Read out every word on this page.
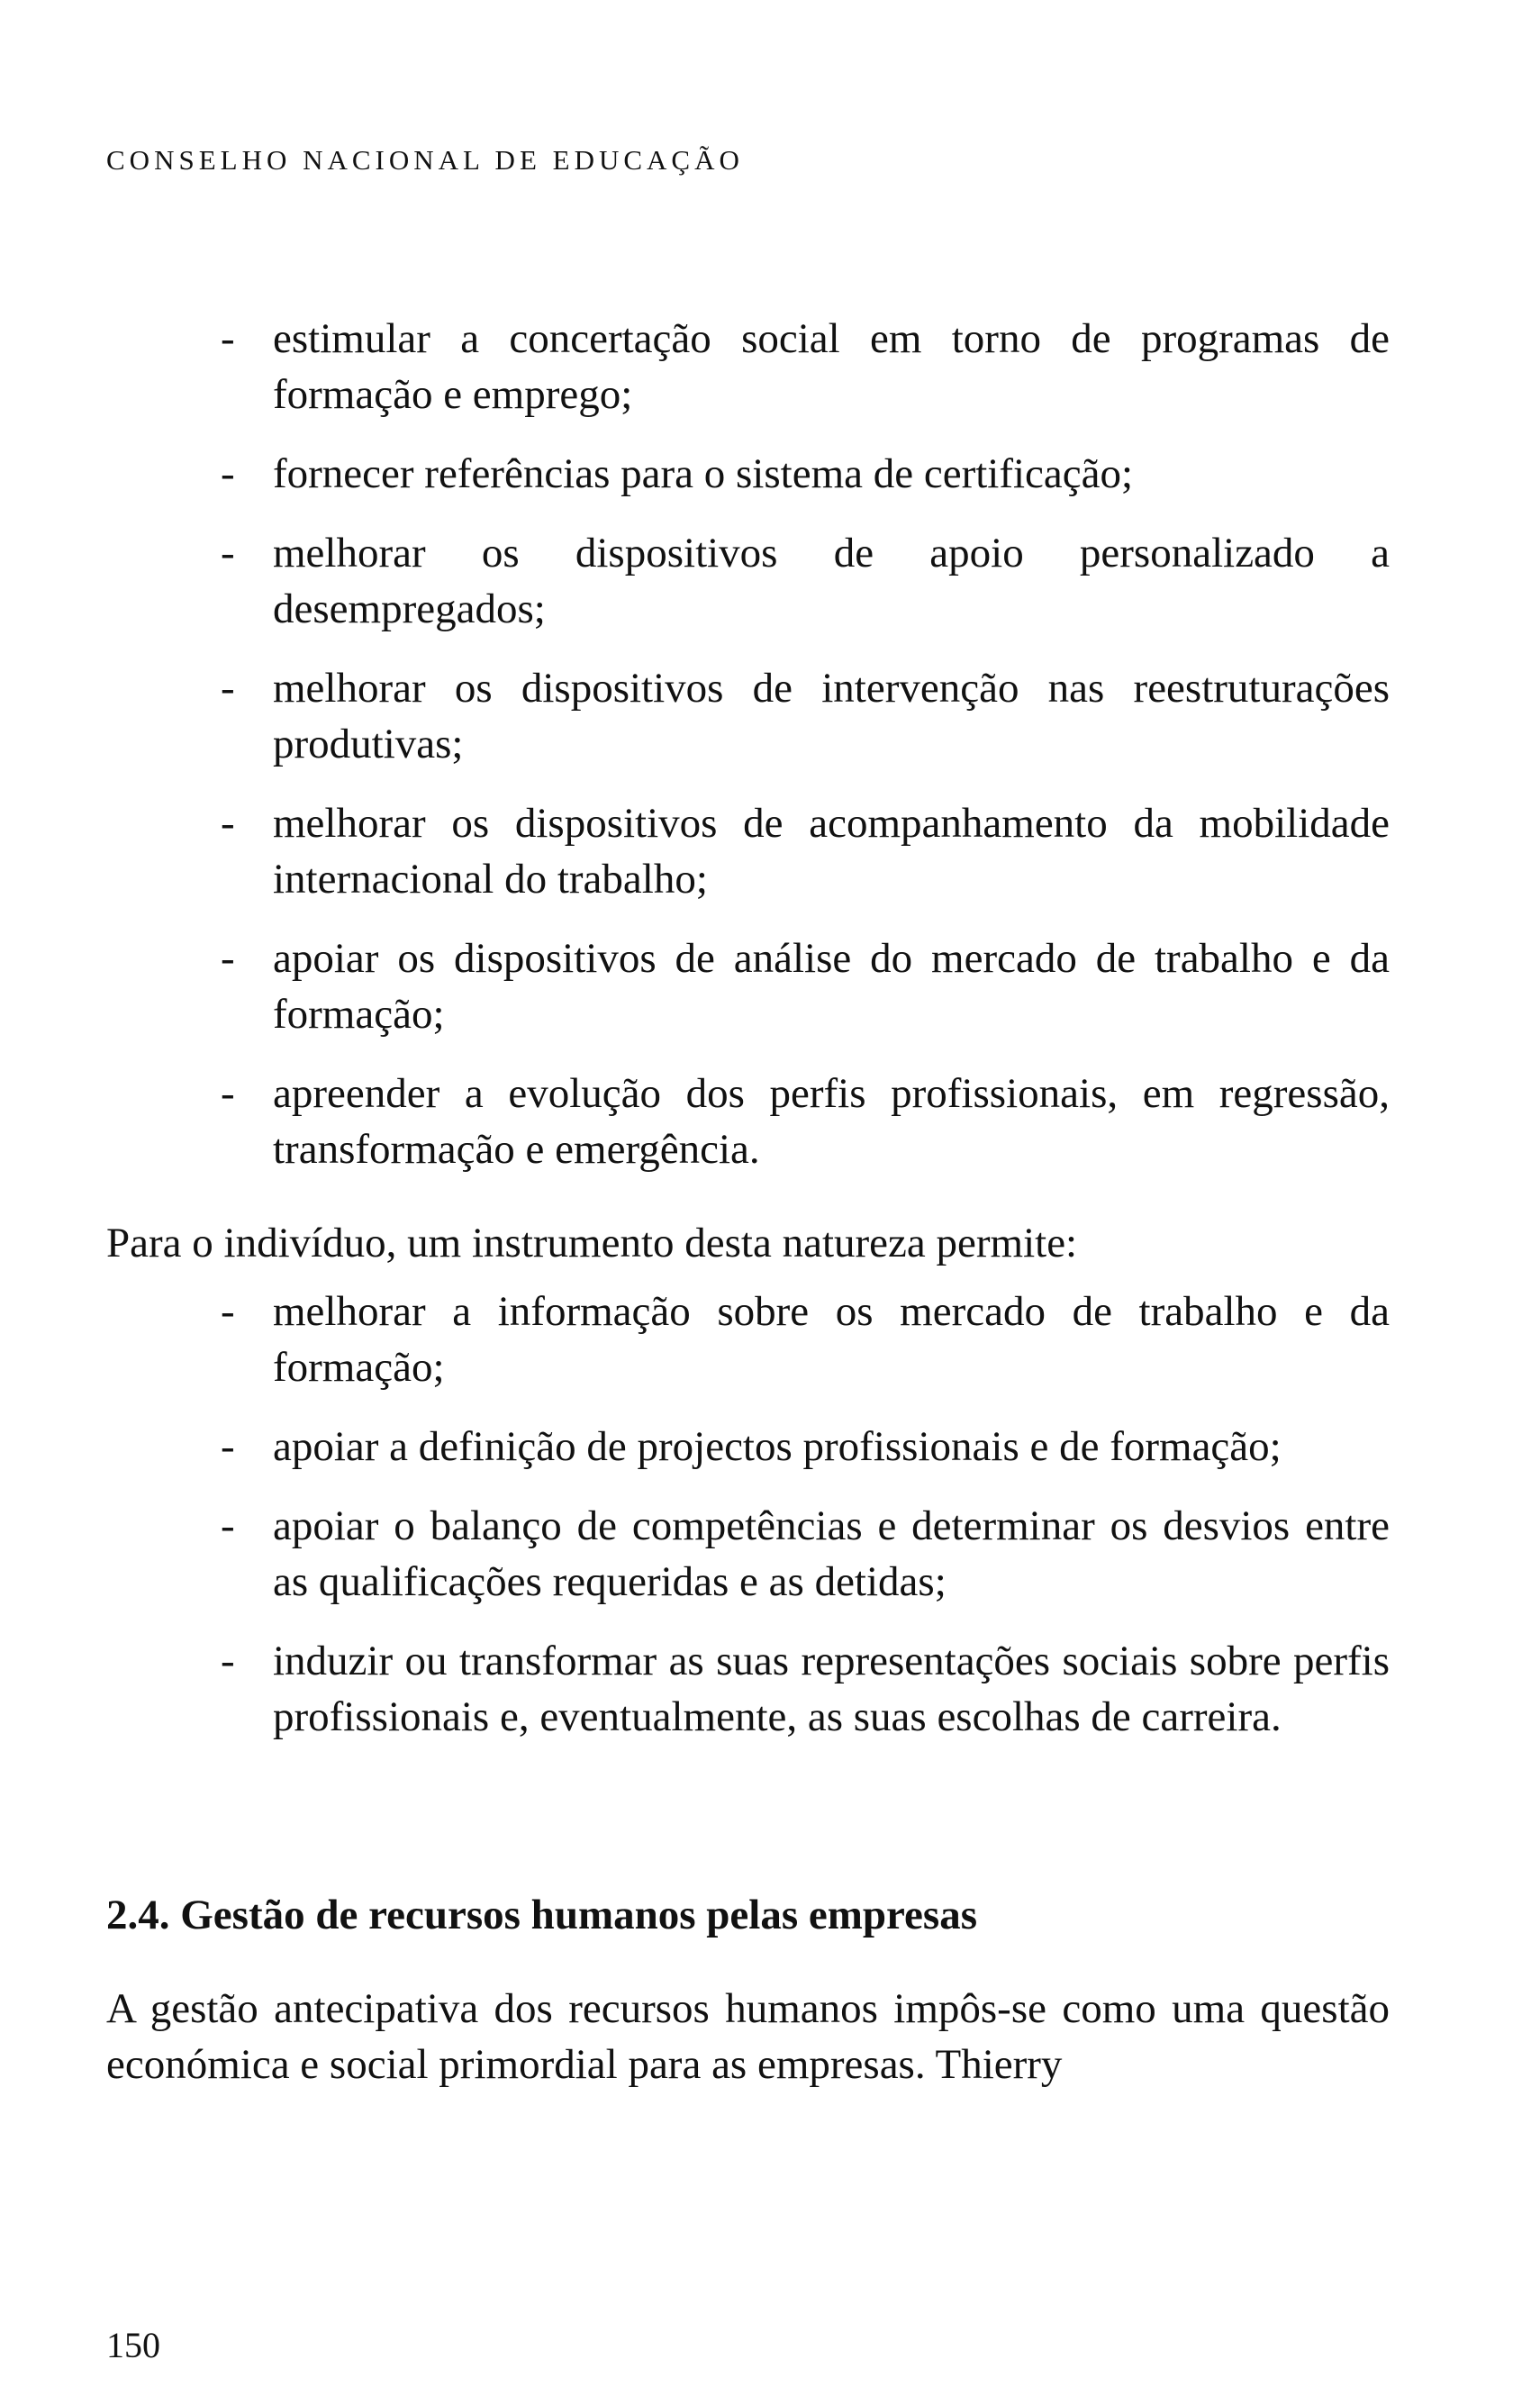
CONSELHO NACIONAL DE EDUCAÇÃO
- estimular a concertação social em torno de programas de formação e emprego;
- fornecer referências para o sistema de certificação;
- melhorar os dispositivos de apoio personalizado a desempregados;
- melhorar os dispositivos de intervenção nas reestruturações produtivas;
- melhorar os dispositivos de acompanhamento da mobilidade internacional do trabalho;
- apoiar os dispositivos de análise do mercado de trabalho e da formação;
- apreender a evolução dos perfis profissionais, em regressão, transformação e emergência.

Para o indivíduo, um instrumento desta natureza permite:

- melhorar a informação sobre os mercado de trabalho e da formação;
- apoiar a definição de projectos profissionais e de formação;
- apoiar o balanço de competências e determinar os desvios entre as qualificações requeridas e as detidas;
- induzir ou transformar as suas representações sociais sobre perfis profissionais e, eventualmente, as suas escolhas de carreira.
2.4. Gestão de recursos humanos pelas empresas

A gestão antecipativa dos recursos humanos impôs-se como uma questão económica e social primordial para as empresas. Thierry

150
